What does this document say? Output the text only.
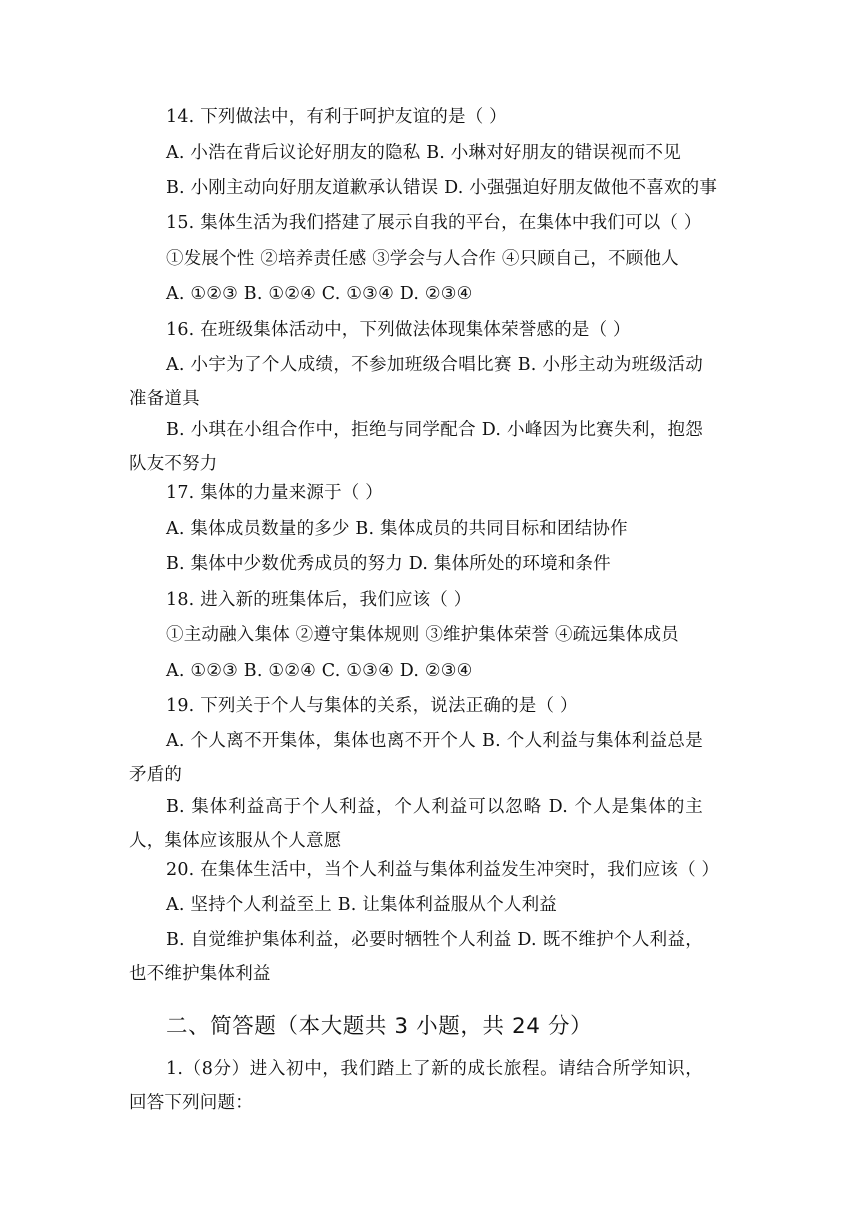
14. 下列做法中，有利于呵护友谊的是（ ）
A. 小浩在背后议论好朋友的隐私 B. 小琳对好朋友的错误视而不见
B. 小刚主动向好朋友道歉承认错误 D. 小强强迫好朋友做他不喜欢的事
15. 集体生活为我们搭建了展示自我的平台，在集体中我们可以（ ）
①发展个性 ②培养责任感 ③学会与人合作 ④只顾自己，不顾他人
A. ①②③ B. ①②④ C. ①③④ D. ②③④
16. 在班级集体活动中，下列做法体现集体荣誉感的是（ ）
A. 小宇为了个人成绩，不参加班级合唱比赛 B. 小彤主动为班级活动准备道具
B. 小琪在小组合作中，拒绝与同学配合 D. 小峰因为比赛失利，抱怨队友不努力
17. 集体的力量来源于（ ）
A. 集体成员数量的多少 B. 集体成员的共同目标和团结协作
B. 集体中少数优秀成员的努力 D. 集体所处的环境和条件
18. 进入新的班集体后，我们应该（ ）
①主动融入集体 ②遵守集体规则 ③维护集体荣誉 ④疏远集体成员
A. ①②③ B. ①②④ C. ①③④ D. ②③④
19. 下列关于个人与集体的关系，说法正确的是（ ）
A. 个人离不开集体，集体也离不开个人 B. 个人利益与集体利益总是矛盾的
B. 集体利益高于个人利益，个人利益可以忽略 D. 个人是集体的主人，集体应该服从个人意愿
20. 在集体生活中，当个人利益与集体利益发生冲突时，我们应该（ ）
A. 坚持个人利益至上 B. 让集体利益服从个人利益
B. 自觉维护集体利益，必要时牺牲个人利益 D. 既不维护个人利益，也不维护集体利益
二、简答题（本大题共 3 小题，共 24 分）
1.（8分）进入初中，我们踏上了新的成长旅程。请结合所学知识，回答下列问题：
